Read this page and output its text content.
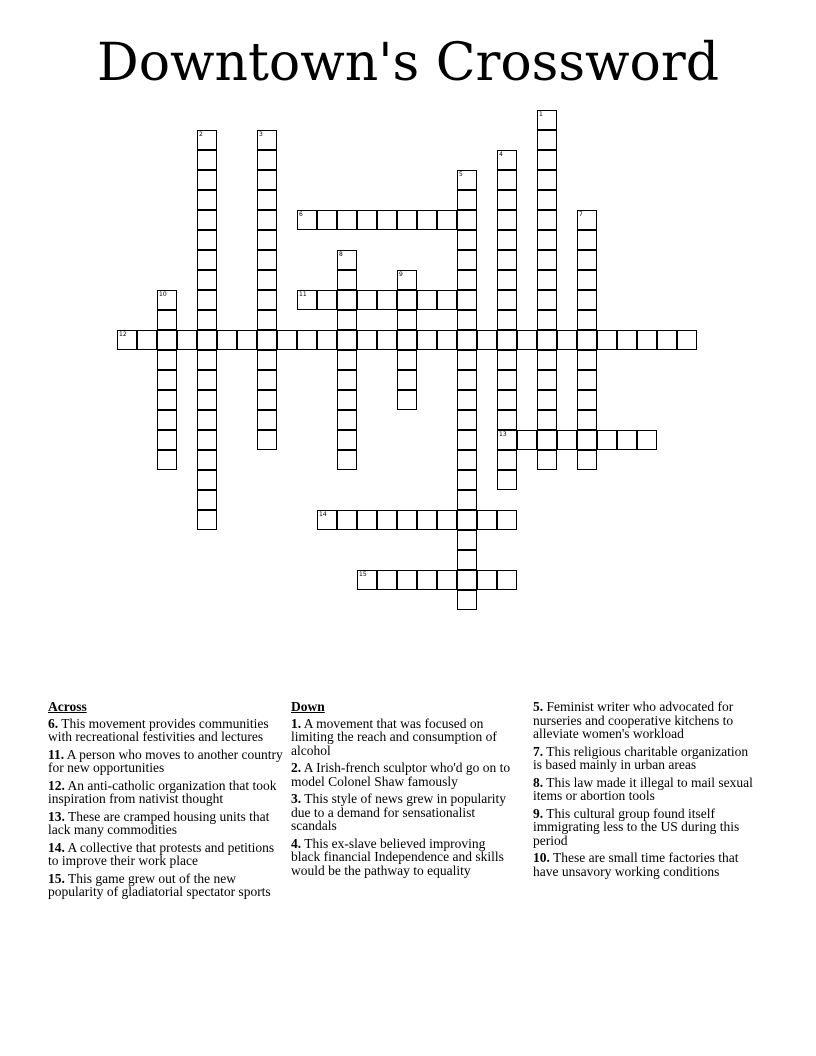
Downtown's Crossword
1
2	3
4
13
5
6	7
8
9
10	11
12
14
15
Across
6. This movement provides communities with recreational festivities and lectures
11. A person who moves to another country for new opportunities
12. An anti-catholic organization that took inspiration from nativist thought
13. These are cramped housing units that lack many commodities
14. A collective that protests and petitions to improve their work place
15. This game grew out of the new popularity of gladiatorial spectator sports
Down
1. A movement that was focused on limiting the reach and consumption of alcohol
2. A Irish-french sculptor who'd go on to model Colonel Shaw famously
3. This style of news grew in popularity due to a demand for sensationalist scandals
4. This ex-slave believed improving black financial Independence and skills would be the pathway to equality
5. Feminist writer who advocated for nurseries and cooperative kitchens to alleviate women's workload
7. This religious charitable organization is based mainly in urban areas
8. This law made it illegal to mail sexual items or abortion tools
9. This cultural group found itself immigrating less to the US during this period
10. These are small time factories that have unsavory working conditions
